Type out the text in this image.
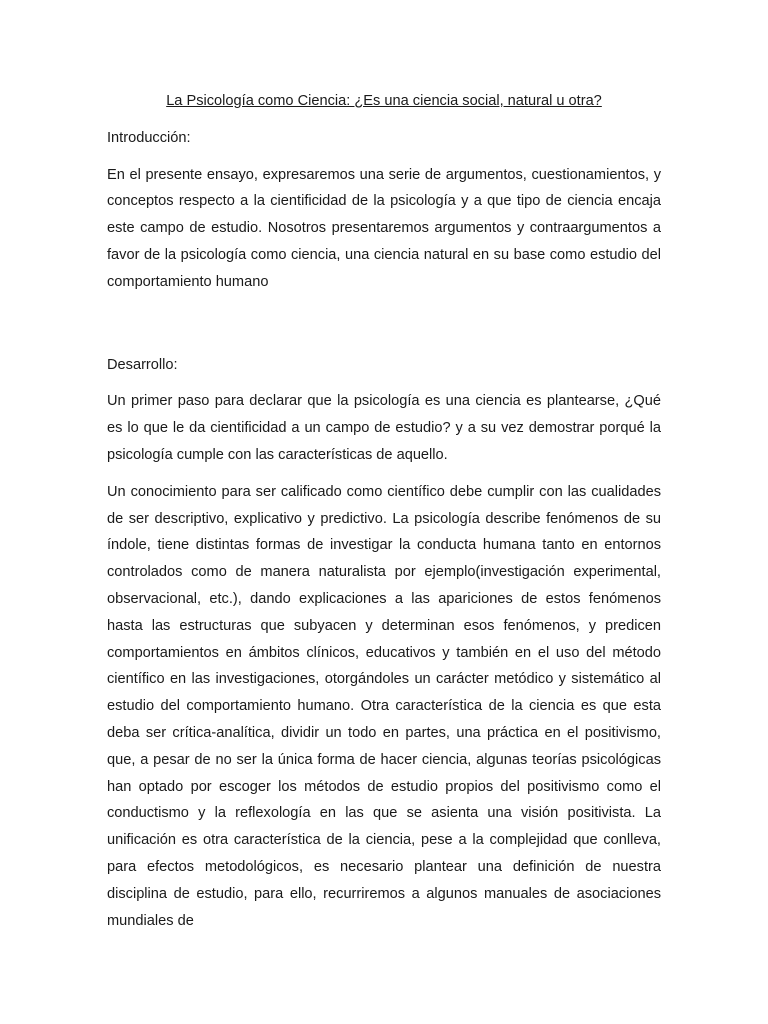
La Psicología como Ciencia: ¿Es una ciencia social, natural u otra?
Introducción:
En el presente ensayo, expresaremos una serie de argumentos, cuestionamientos, y conceptos respecto a la cientificidad de la psicología y a que tipo de ciencia encaja este campo de estudio. Nosotros presentaremos argumentos y contraargumentos a favor de la psicología como ciencia, una ciencia natural en su base como estudio del comportamiento humano
Desarrollo:
Un primer paso para declarar que la psicología es una ciencia es plantearse, ¿Qué es lo que le da cientificidad a un campo de estudio? y a su vez demostrar porqué la psicología cumple con las características de aquello.
Un conocimiento para ser calificado como científico debe cumplir con las cualidades de ser descriptivo, explicativo y predictivo. La psicología describe fenómenos de su índole, tiene distintas formas de investigar la conducta humana tanto en entornos controlados como de manera naturalista por ejemplo(investigación experimental, observacional, etc.), dando explicaciones a las apariciones de estos fenómenos hasta las estructuras que subyacen y determinan esos fenómenos, y predicen comportamientos en ámbitos clínicos, educativos y también en el uso del método científico en las investigaciones, otorgándoles un carácter metódico y sistemático al estudio del comportamiento humano. Otra característica de la ciencia es que esta deba ser crítica-analítica, dividir un todo en partes, una práctica en el positivismo, que, a pesar de no ser la única forma de hacer ciencia, algunas teorías psicológicas han optado por escoger los métodos de estudio propios del positivismo como el conductismo y la reflexología en las que se asienta una visión positivista. La unificación es otra característica de la ciencia, pese a la complejidad que conlleva, para efectos metodológicos, es necesario plantear una definición de nuestra disciplina de estudio, para ello, recurriremos a algunos manuales de asociaciones mundiales de
